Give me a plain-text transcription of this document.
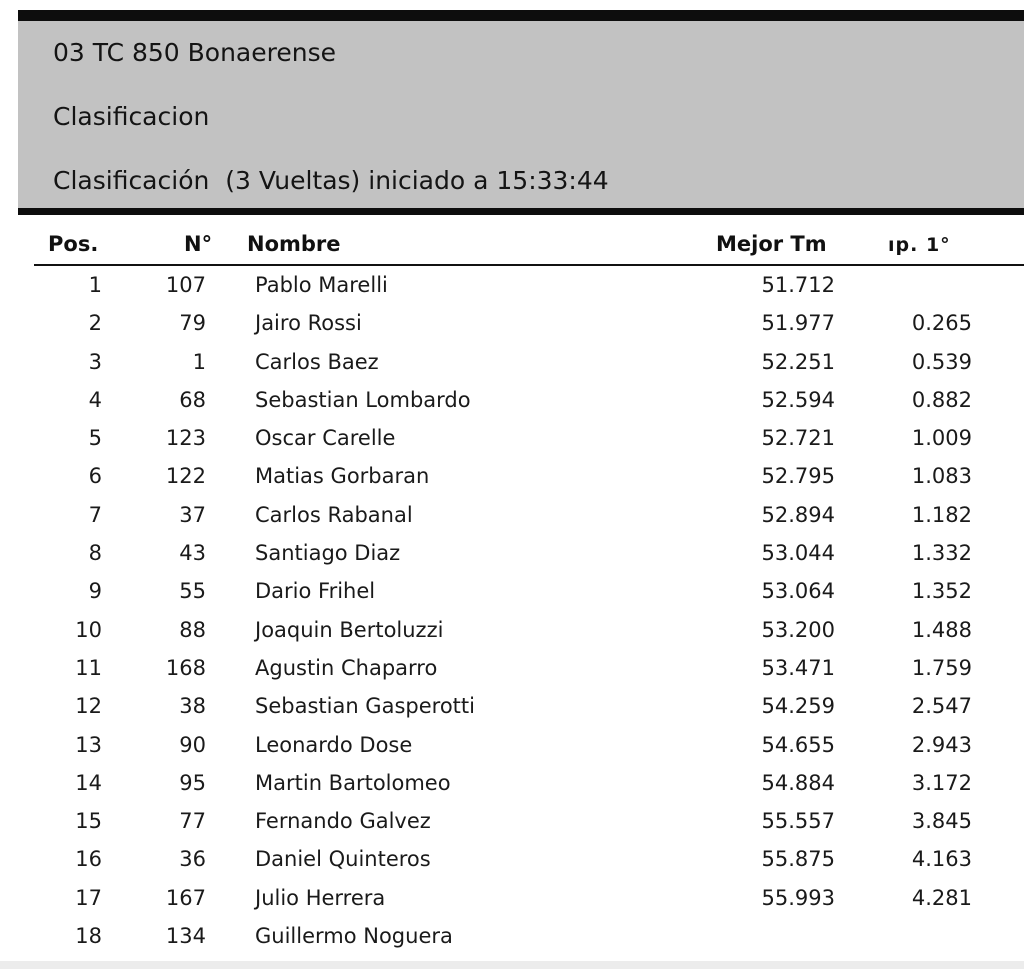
03 TC 850 Bonaerense
Clasificacion
Clasificación  (3 Vueltas) iniciado a 15:33:44
Pos.	N° Nombre	Mejor Tm	ıp. 1°
1	107 Pablo Marelli	51.712
2	79 Jairo Rossi	51.977	0.265
3	1 Carlos Baez	52.251	0.539
4	68 Sebastian Lombardo	52.594	0.882
5	123 Oscar Carelle	52.721	1.009
6	122 Matias Gorbaran	52.795	1.083
7	37 Carlos Rabanal	52.894	1.182
8	43 Santiago Diaz	53.044	1.332
9	55 Dario Frihel	53.064	1.352
10	88 Joaquin Bertoluzzi	53.200	1.488
11	168 Agustin Chaparro	53.471	1.759
12	38 Sebastian Gasperotti	54.259	2.547
13	90 Leonardo Dose	54.655	2.943
14	95 Martin Bartolomeo	54.884	3.172
15	77 Fernando Galvez	55.557	3.845
16	36 Daniel Quinteros	55.875	4.163
17	167 Julio Herrera	55.993	4.281
18	134 Guillermo Noguera
